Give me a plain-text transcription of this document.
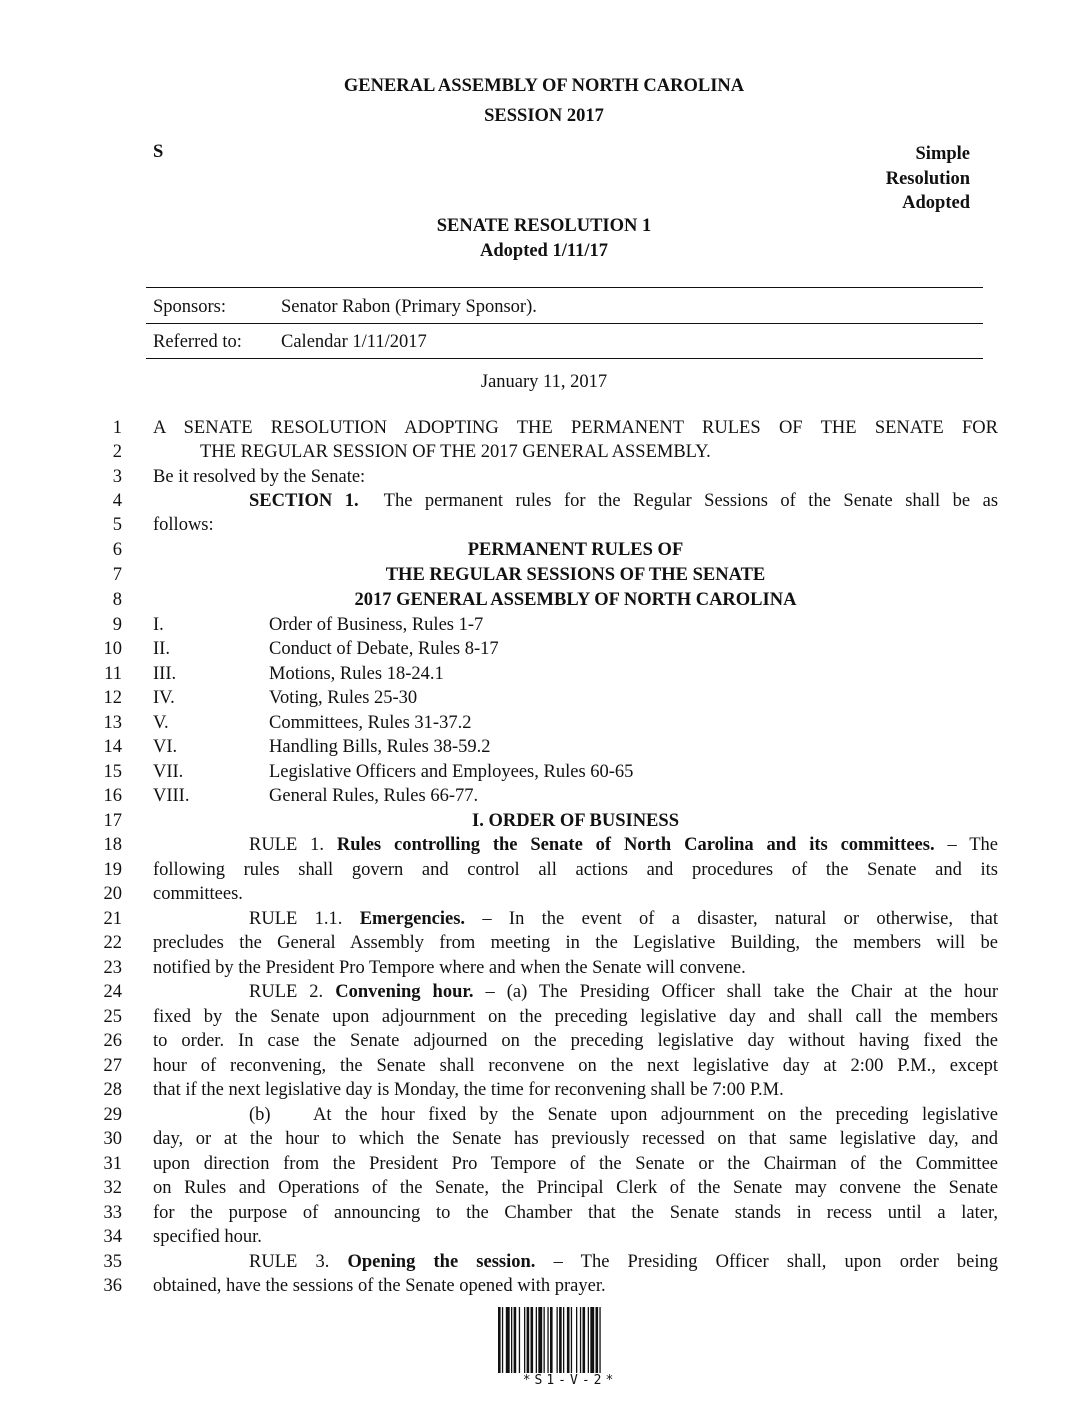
GENERAL ASSEMBLY OF NORTH CAROLINA
SESSION 2017
S	Simple
Resolution
Adopted
SENATE RESOLUTION 1
Adopted 1/11/17
Sponsors:	Senator Rabon (Primary Sponsor).
Referred to: Calendar 1/11/2017
January 11, 2017
1 A SENATE RESOLUTION ADOPTING THE PERMANENT RULES OF THE SENATE FOR
2	THE REGULAR SESSION OF THE 2017 GENERAL ASSEMBLY.
3 Be it resolved by the Senate:
4	SECTION 1. The permanent rules for the Regular Sessions of the Senate shall be as
5 follows:
6	PERMANENT RULES OF
7	THE REGULAR SESSIONS OF THE SENATE
8	2017 GENERAL ASSEMBLY OF NORTH CAROLINA
9 I.	Order of Business, Rules 1-7
10 II.	Conduct of Debate, Rules 8-17
11 III.	Motions, Rules 18-24.1
12 IV.	Voting, Rules 25-30
13 V.	Committees, Rules 31-37.2
14 VI.	Handling Bills, Rules 38-59.2
15 VII.	Legislative Officers and Employees, Rules 60-65
16 VIII.	General Rules, Rules 66-77.
17	I. ORDER OF BUSINESS
18	RULE 1. Rules controlling the Senate of North Carolina and its committees. – The
19 following rules shall govern and control all actions and procedures of the Senate and its
20 committees.
21	RULE 1.1. Emergencies. – In the event of a disaster, natural or otherwise, that
22 precludes the General Assembly from meeting in the Legislative Building, the members will be
23 notified by the President Pro Tempore where and when the Senate will convene.
24	RULE 2. Convening hour. – (a) The Presiding Officer shall take the Chair at the hour
25 fixed by the Senate upon adjournment on the preceding legislative day and shall call the members
26 to order. In case the Senate adjourned on the preceding legislative day without having fixed the
27 hour of reconvening, the Senate shall reconvene on the next legislative day at 2:00 P.M., except
28 that if the next legislative day is Monday, the time for reconvening shall be 7:00 P.M.
29	(b) At the hour fixed by the Senate upon adjournment on the preceding legislative
30 day, or at the hour to which the Senate has previously recessed on that same legislative day, and
31 upon direction from the President Pro Tempore of the Senate or the Chairman of the Committee
32 on Rules and Operations of the Senate, the Principal Clerk of the Senate may convene the Senate
33 for the purpose of announcing to the Chamber that the Senate stands in recess until a later,
34 specified hour.
35	RULE 3. Opening the session. – The Presiding Officer shall, upon order being
36 obtained, have the sessions of the Senate opened with prayer.
*S1-V-2*
